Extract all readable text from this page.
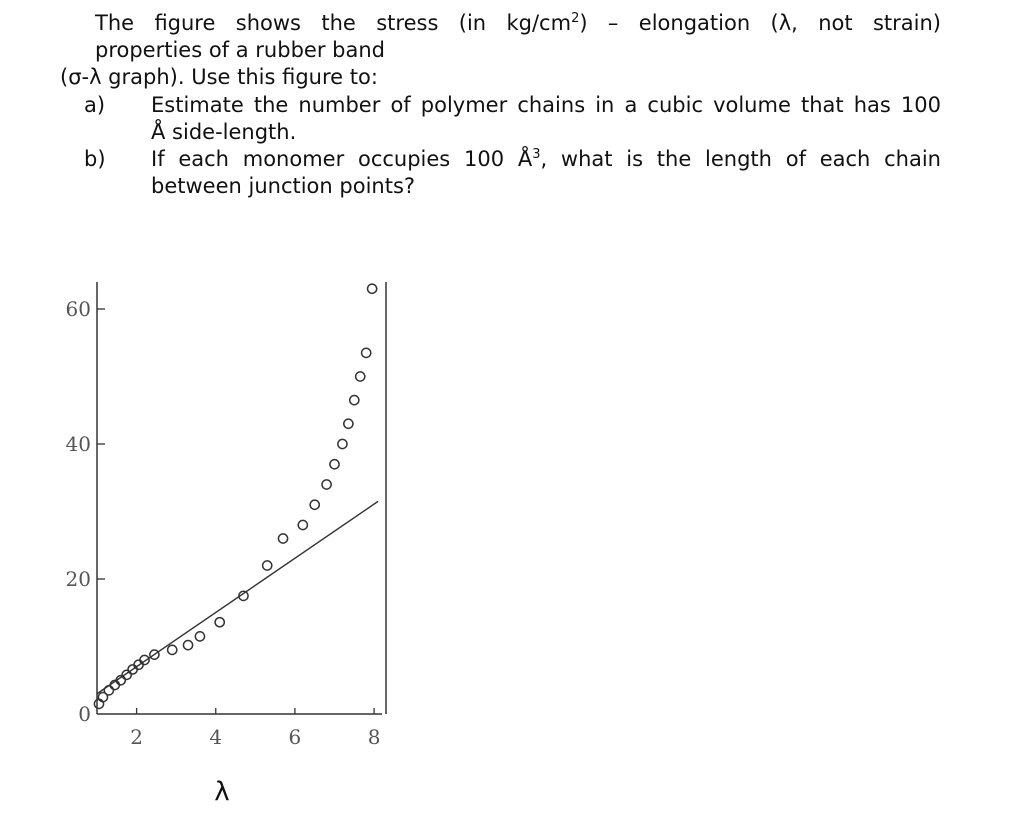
The figure shows the stress (in $kg/cm^2$) – elongation (λ, not strain)
properties of a rubber band
(σ-λ graph). Use this figure to:
a) Estimate the number of polymer chains in a cubic volume that has 100
Å side-length.
b) If each monomer occupies 100 $Å^3$, what is the length of each chain
between junction points?
0
20
40
60
2	4	6	8
λ
